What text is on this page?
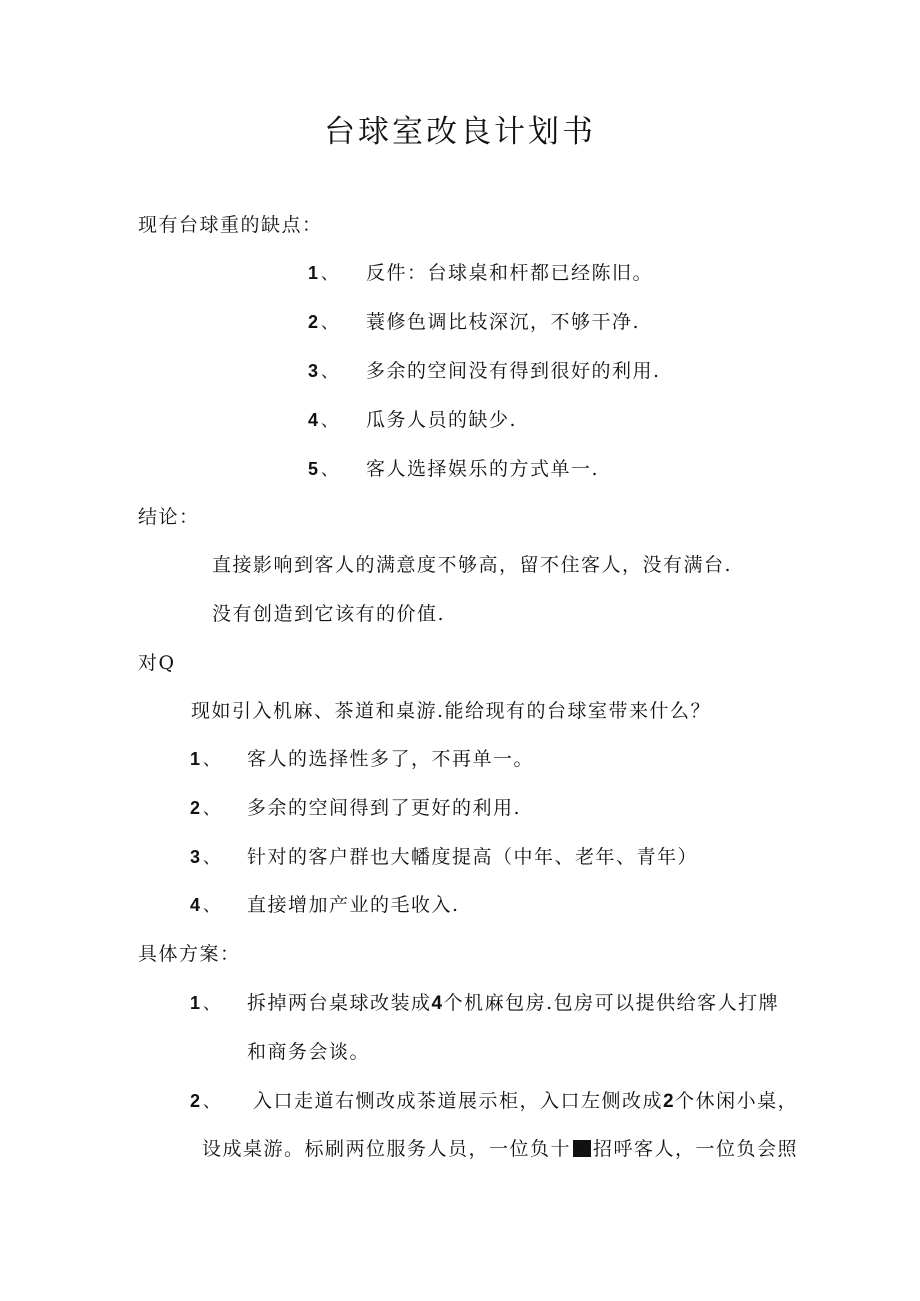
台球室改良计划书
现有台球重的缺点：
1 、 反件：台球桌和杆都已经陈旧。
2 、 蓑修色调比枝深沉，不够干净.
3 、 多余的空间没有得到很好的利用.
4 、 瓜务人员的缺少.
5 、 客人选择娱乐的方式单一.
结论：
直接影响到客人的满意度不够高，留不住客人，没有满台.
没有创造到它该有的价值.
对Q
现如引入机麻、茶道和桌游.能给现有的台球室带来什么？
1 、 客人的选择性多了，不再单一。
2 、 多余的空间得到了更好的利用.
3 、 针对的客户群也大幡度提高（中年、老年、青年）
4 、 直接增加产业的毛收入.
具体方案：
1 、 拆掉两台桌球改装成4个机麻包房.包房可以提供给客人打牌
和商务会谈。
2 、 入口走道右恻改成茶道展示柜，入口左侧改成2个休闲小桌，
设成桌游。标刷两位服务人员，一位负十 招呼客人，一位负会照
